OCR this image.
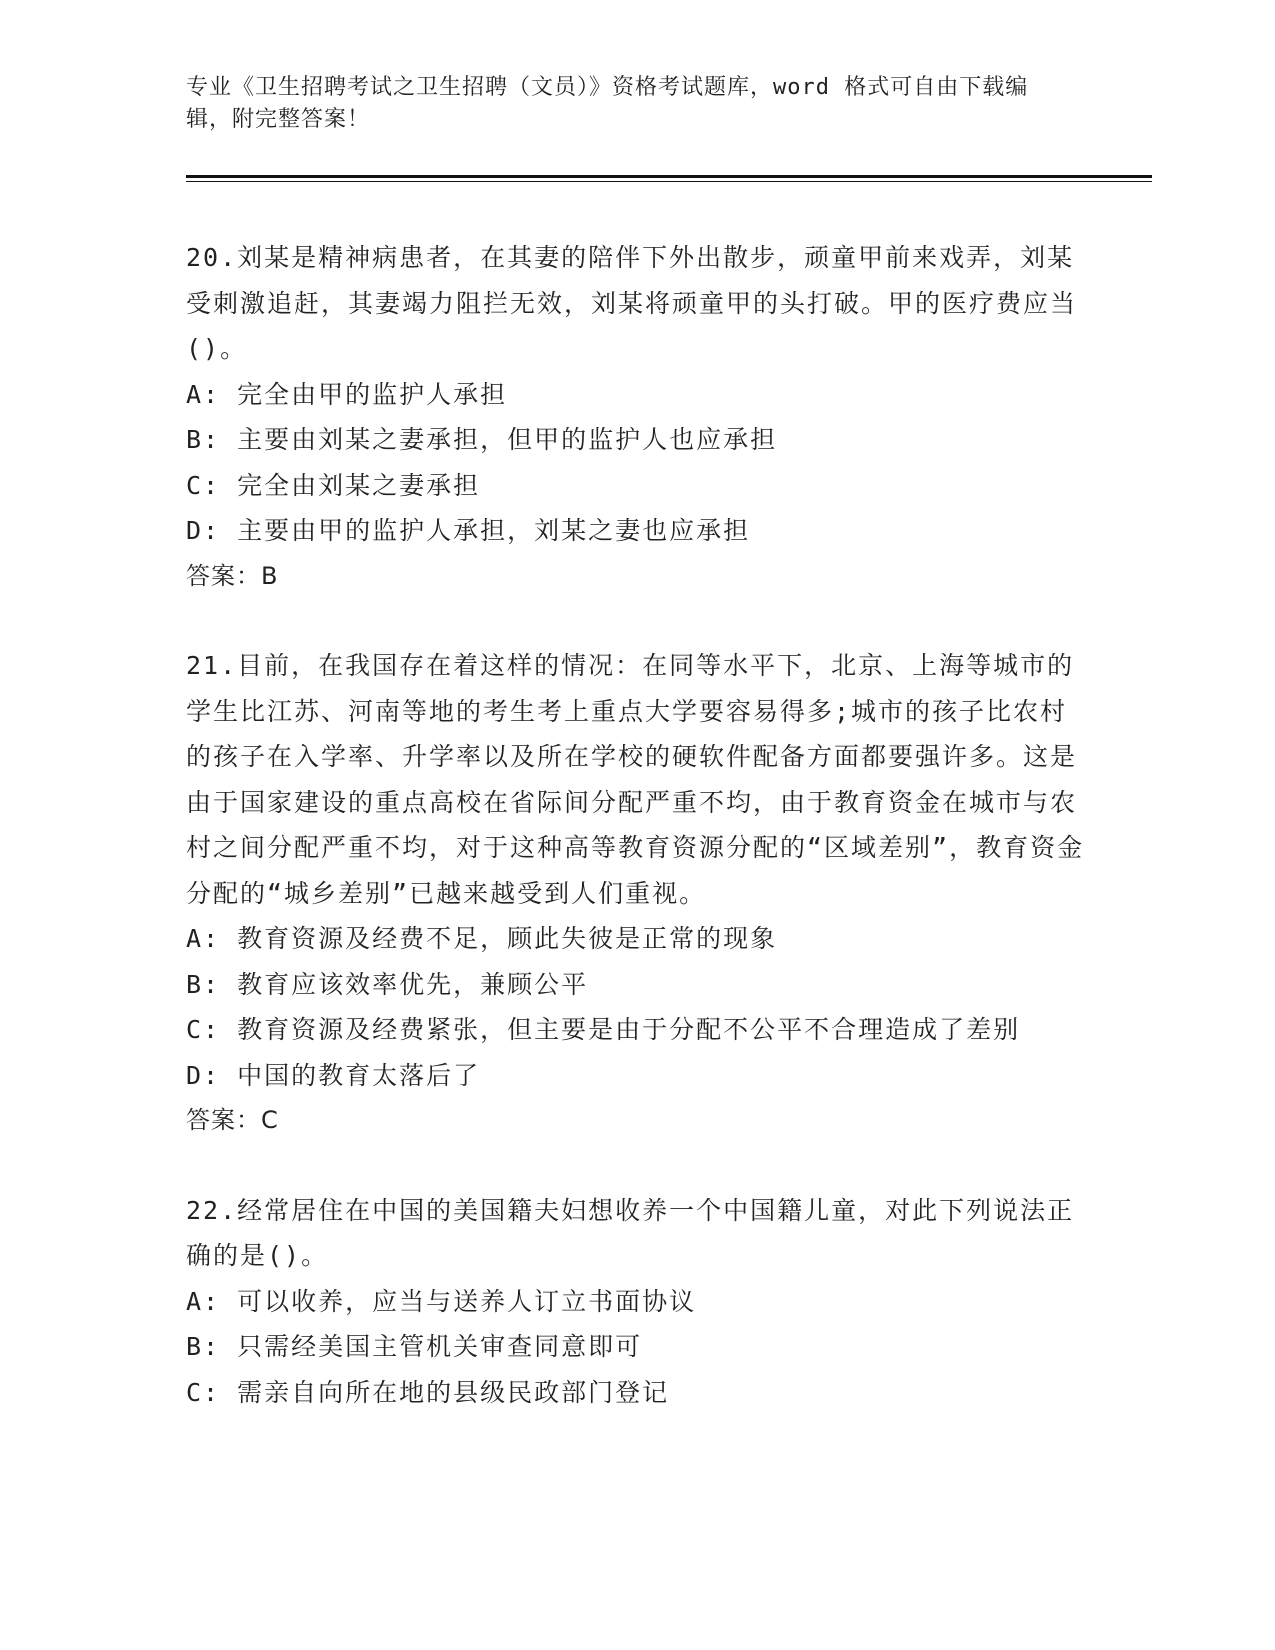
专业《卫生招聘考试之卫生招聘（文员）》资格考试题库，word 格式可自由下载编辑，附完整答案！

20.刘某是精神病患者，在其妻的陪伴下外出散步，顽童甲前来戏弄，刘某受刺激追赶，其妻竭力阻拦无效，刘某将顽童甲的头打破。甲的医疗费应当()。

A: 完全由甲的监护人承担

B: 主要由刘某之妻承担，但甲的监护人也应承担

C: 完全由刘某之妻承担

D: 主要由甲的监护人承担，刘某之妻也应承担

答案：B

21.目前，在我国存在着这样的情况：在同等水平下，北京、上海等城市的学生比江苏、河南等地的考生考上重点大学要容易得多;城市的孩子比农村的孩子在入学率、升学率以及所在学校的硬软件配备方面都要强许多。这是由于国家建设的重点高校在省际间分配严重不均，由于教育资金在城市与农村之间分配严重不均，对于这种高等教育资源分配的“区域差别”，教育资金分配的“城乡差别”已越来越受到人们重视。

A: 教育资源及经费不足，顾此失彼是正常的现象

B: 教育应该效率优先，兼顾公平

C: 教育资源及经费紧张，但主要是由于分配不公平不合理造成了差别

D: 中国的教育太落后了

答案：C

22.经常居住在中国的美国籍夫妇想收养一个中国籍儿童，对此下列说法正确的是()。

A: 可以收养，应当与送养人订立书面协议

B: 只需经美国主管机关审查同意即可

C: 需亲自向所在地的县级民政部门登记
